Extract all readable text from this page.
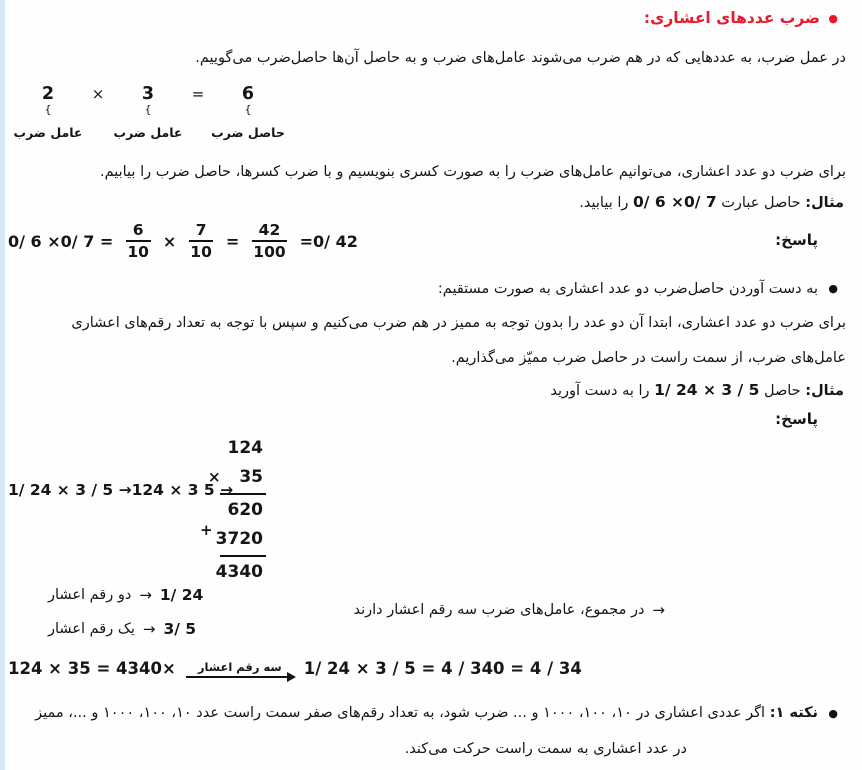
●
ضرب عددهای اعشاری:
در عمل ضرب، به عددهایی که در هم ضرب می‌شوند عامل‌های ضرب و به حاصل آن‌ها حاصل‌ضرب می‌گوییم.
2
{
عامل ضرب
×	3
{
عامل ضرب
=	6
{
حاصل ضرب
برای ضرب دو عدد اعشاری، می‌توانیم عامل‌های ضرب را به صورت کسری بنویسیم و با ضرب کسرها، حاصل ضرب را بیابیم.
مثال: حاصل عبارت 0/ 6 ×0/ 7 را بیابید.
پاسخ:
0/ 6 ×0/ $7 = \frac{6}{10} \times \frac{7}{10} = \frac{42}{100} =0/$ 42
●
به دست آوردن حاصل‌ضرب دو عدد اعشاری به صورت مستقیم:
برای ضرب دو عدد اعشاری، ابتدا آن دو عدد را بدون توجه به ممیز در هم ضرب می‌کنیم و سپس با توجه به تعداد رقم‌های اعشاری
عامل‌های ضرب، از سمت راست در حاصل ضرب ممیّز می‌گذاریم.
مثال: حاصل 1/ 24 × 3 / 5 را به دست آورید
پاسخ:
1/ 24 × 3 / 5 →124 × 3 5 →
124
× 35
620
+ 3720
4340
دو رقم اعشار → 1/ 24
یک رقم اعشار → 3/ 5
→
در مجموع، عامل‌های ضرب سه رقم اعشار دارند
124 × 35 = 4340×	سه رقم اعشار	1/ 24 × 3 / 5 = 4 / 340 = 4 / 34
●
نکته ۱: اگر عددی اعشاری در ۱۰، ۱۰۰، ۱۰۰۰ و ... ضرب شود، به تعداد رقم‌های صفر سمت راست عدد ۱۰، ۱۰۰، ۱۰۰۰ و ...، ممیز
در عدد اعشاری به سمت راست حرکت می‌کند.
